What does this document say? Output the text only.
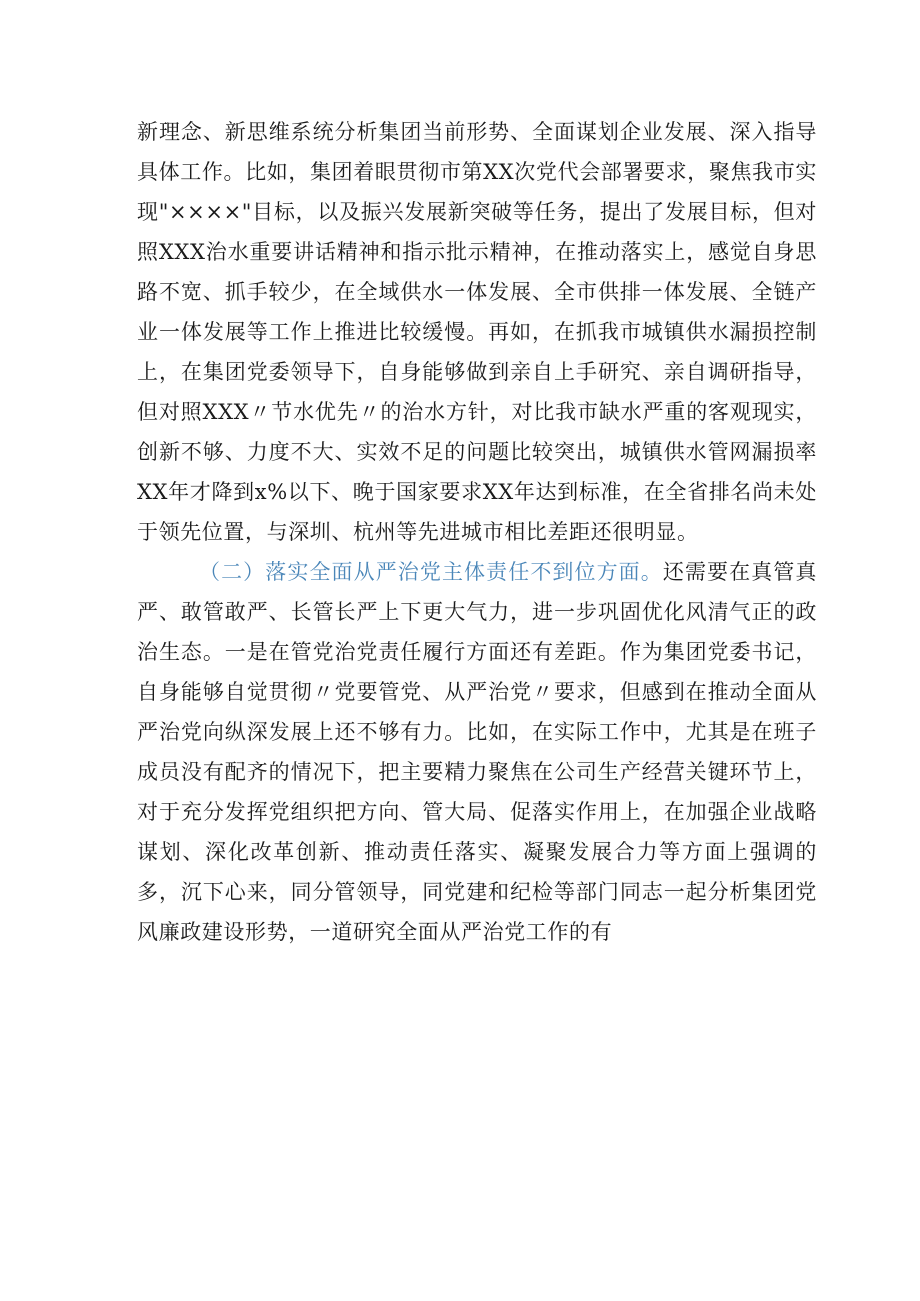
新理念、新思维系统分析集团当前形势、全面谋划企业发展、深入指导具体工作。比如，集团着眼贯彻市第XX次党代会部署要求，聚焦我市实现"××××"目标，以及振兴发展新突破等任务，提出了发展目标，但对照XXX治水重要讲话精神和指示批示精神，在推动落实上，感觉自身思路不宽、抓手较少，在全域供水一体发展、全市供排一体发展、全链产业一体发展等工作上推进比较缓慢。再如，在抓我市城镇供水漏损控制上，在集团党委领导下，自身能够做到亲自上手研究、亲自调研指导，但对照XXX〃节水优先〃的治水方针，对比我市缺水严重的客观现实，创新不够、力度不大、实效不足的问题比较突出，城镇供水管网漏损率XX年才降到x%以下、晚于国家要求XX年达到标准，在全省排名尚未处于领先位置，与深圳、杭州等先进城市相比差距还很明显。

（二）落实全面从严治党主体责任不到位方面。还需要在真管真严、敢管敢严、长管长严上下更大气力，进一步巩固优化风清气正的政治生态。一是在管党治党责任履行方面还有差距。作为集团党委书记，自身能够自觉贯彻〃党要管党、从严治党〃要求，但感到在推动全面从严治党向纵深发展上还不够有力。比如，在实际工作中，尤其是在班子成员没有配齐的情况下，把主要精力聚焦在公司生产经营关键环节上，对于充分发挥党组织把方向、管大局、促落实作用上，在加强企业战略谋划、深化改革创新、推动责任落实、凝聚发展合力等方面上强调的多，沉下心来，同分管领导，同党建和纪检等部门同志一起分析集团党风廉政建设形势，一道研究全面从严治党工作的有
